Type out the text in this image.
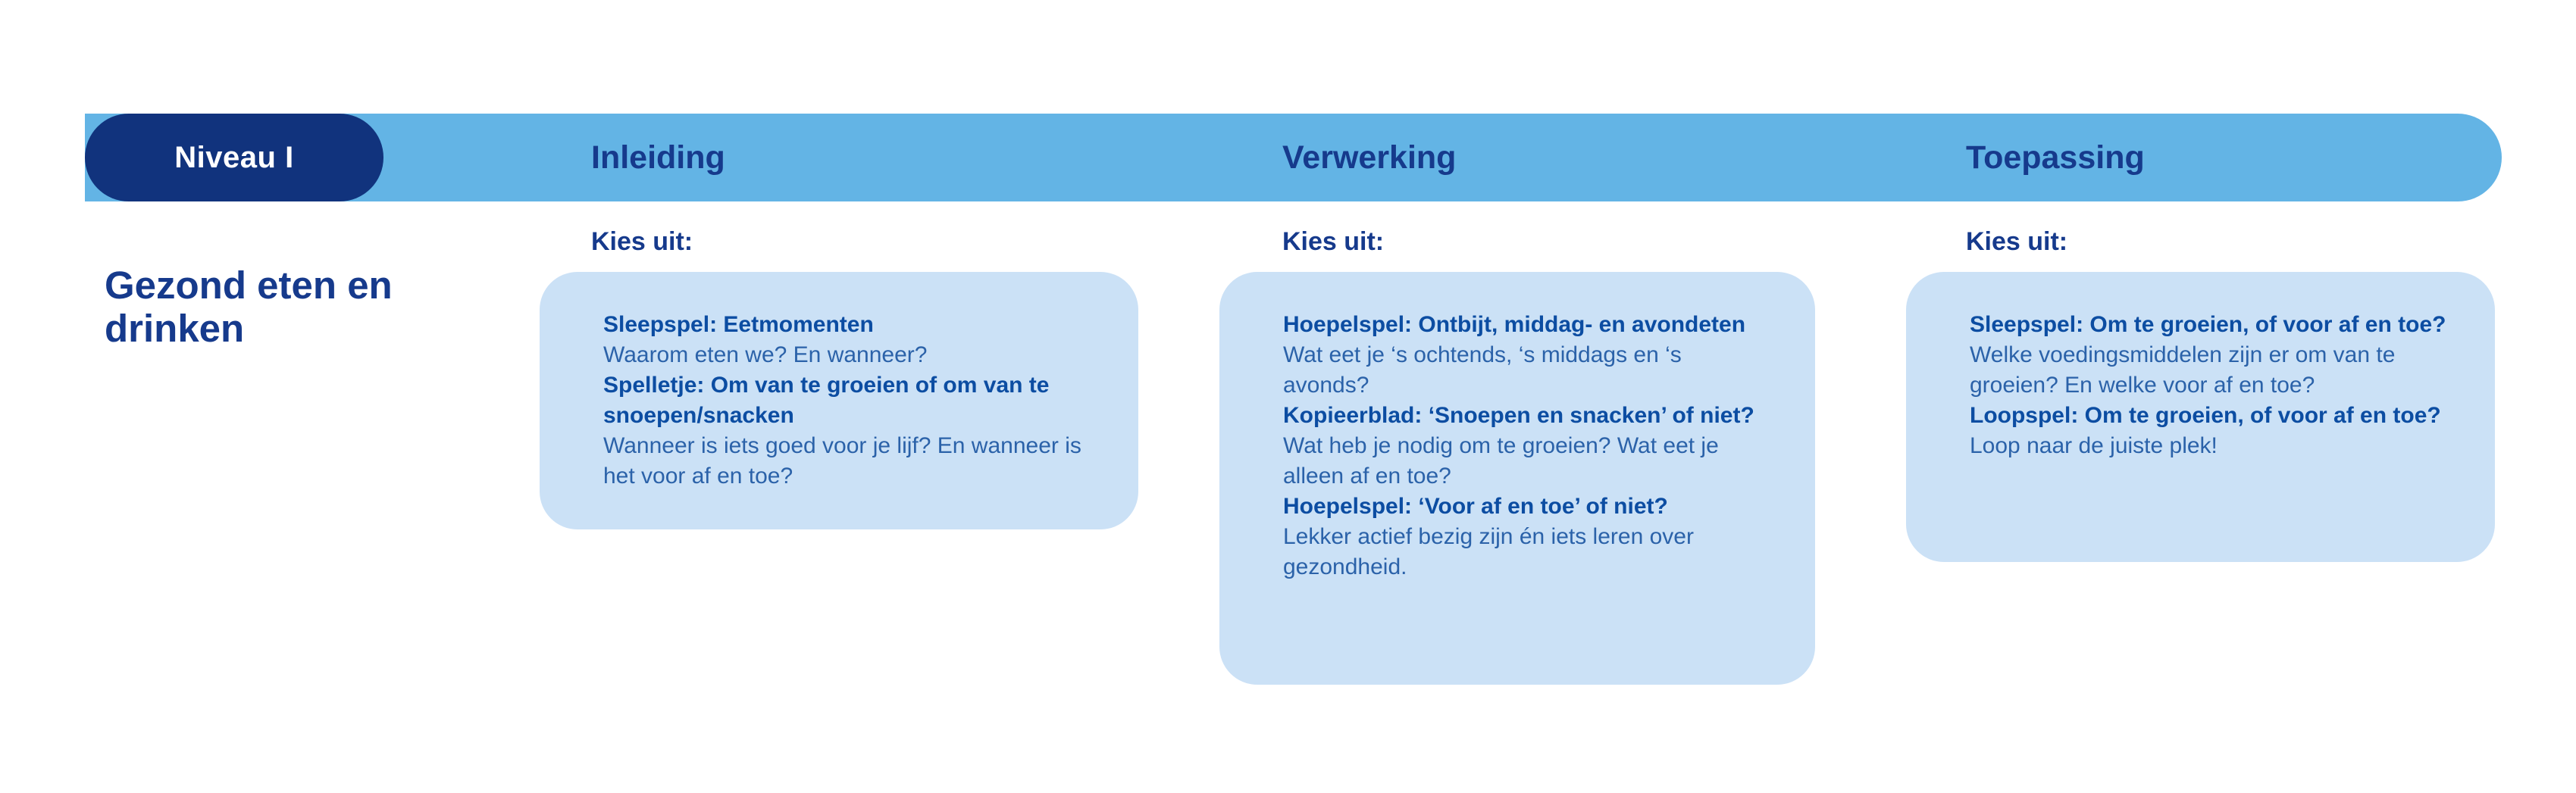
Niveau I	Inleiding	Verwerking	Toepassing
Gezond eten en drinken
Kies uit:	Kies uit:	Kies uit:
Sleepspel: Eetmomenten
Waarom eten we? En wanneer?
Spelletje: Om van te groeien of om van te snoepen/snacken
Wanneer is iets goed voor je lijf? En wanneer is het voor af en toe?
Hoepelspel: Ontbijt, middag- en avondeten
Wat eet je ‘s ochtends, ‘s middags en ‘s avonds?
Kopieerblad: ‘Snoepen en snacken’ of niet?
Wat heb je nodig om te groeien? Wat eet je alleen af en toe?
Hoepelspel: ‘Voor af en toe’ of niet?
Lekker actief bezig zijn én iets leren over gezondheid.
Sleepspel: Om te groeien, of voor af en toe?
Welke voedingsmiddelen zijn er om van te groeien? En welke voor af en toe?
Loopspel: Om te groeien, of voor af en toe?
Loop naar de juiste plek!
